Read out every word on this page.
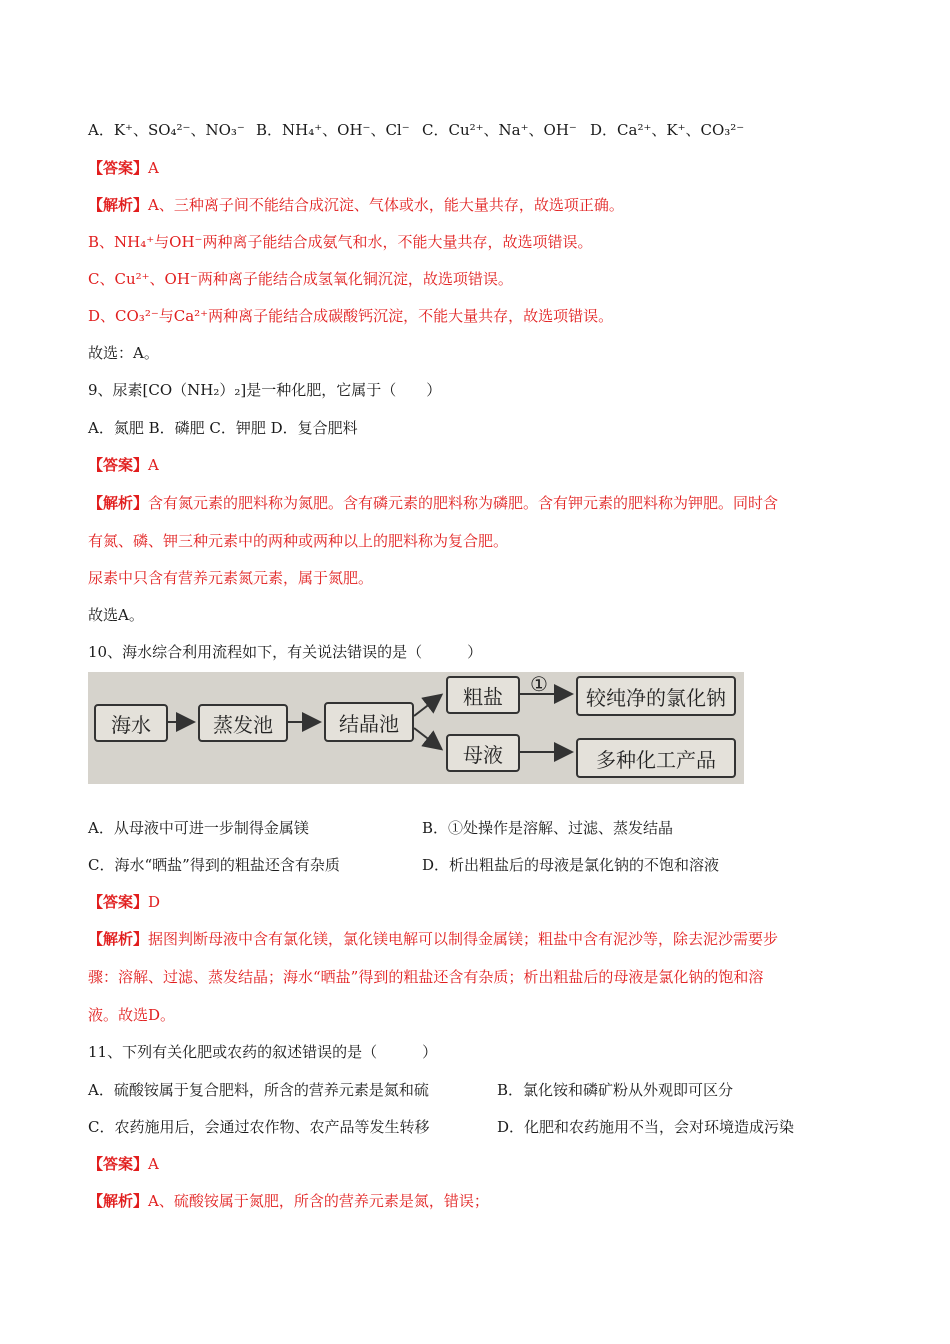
A．K⁺、SO₄²⁻、NO₃⁻ B．NH₄⁺、OH⁻、Cl⁻ C．Cu²⁺、Na⁺、OH⁻ D．Ca²⁺、K⁺、CO₃²⁻
【答案】A
【解析】A、三种离子间不能结合成沉淀、气体或水，能大量共存，故选项正确。
B、NH₄⁺与OH⁻两种离子能结合成氨气和水，不能大量共存，故选项错误。
C、Cu²⁺、OH⁻两种离子能结合成氢氧化铜沉淀，故选项错误。
D、CO₃²⁻与Ca²⁺两种离子能结合成碳酸钙沉淀，不能大量共存，故选项错误。
故选：A。
9、尿素[CO（NH₂）₂]是一种化肥，它属于（　　）
A．氮肥 B．磷肥 C．钾肥 D．复合肥料
【答案】A
【解析】含有氮元素的肥料称为氮肥。含有磷元素的肥料称为磷肥。含有钾元素的肥料称为钾肥。同时含
有氮、磷、钾三种元素中的两种或两种以上的肥料称为复合肥。
尿素中只含有营养元素氮元素，属于氮肥。
故选A。
10、海水综合利用流程如下，有关说法错误的是（　　　）
海水	蒸发池	结晶池
粗盐
母液
①
较纯净的氯化钠
多种化工产品
A．从母液中可进一步制得金属镁	B．①处操作是溶解、过滤、蒸发结晶
C．海水“晒盐”得到的粗盐还含有杂质	D．析出粗盐后的母液是氯化钠的不饱和溶液
【答案】D
【解析】据图判断母液中含有氯化镁，氯化镁电解可以制得金属镁；粗盐中含有泥沙等，除去泥沙需要步
骤：溶解、过滤、蒸发结晶；海水“晒盐”得到的粗盐还含有杂质；析出粗盐后的母液是氯化钠的饱和溶
液。故选D。
11、下列有关化肥或农药的叙述错误的是（　　　）
A．硫酸铵属于复合肥料，所含的营养元素是氮和硫	B．氯化铵和磷矿粉从外观即可区分
C．农药施用后，会通过农作物、农产品等发生转移	D．化肥和农药施用不当，会对环境造成污染
【答案】A
【解析】A、硫酸铵属于氮肥，所含的营养元素是氮，错误；
